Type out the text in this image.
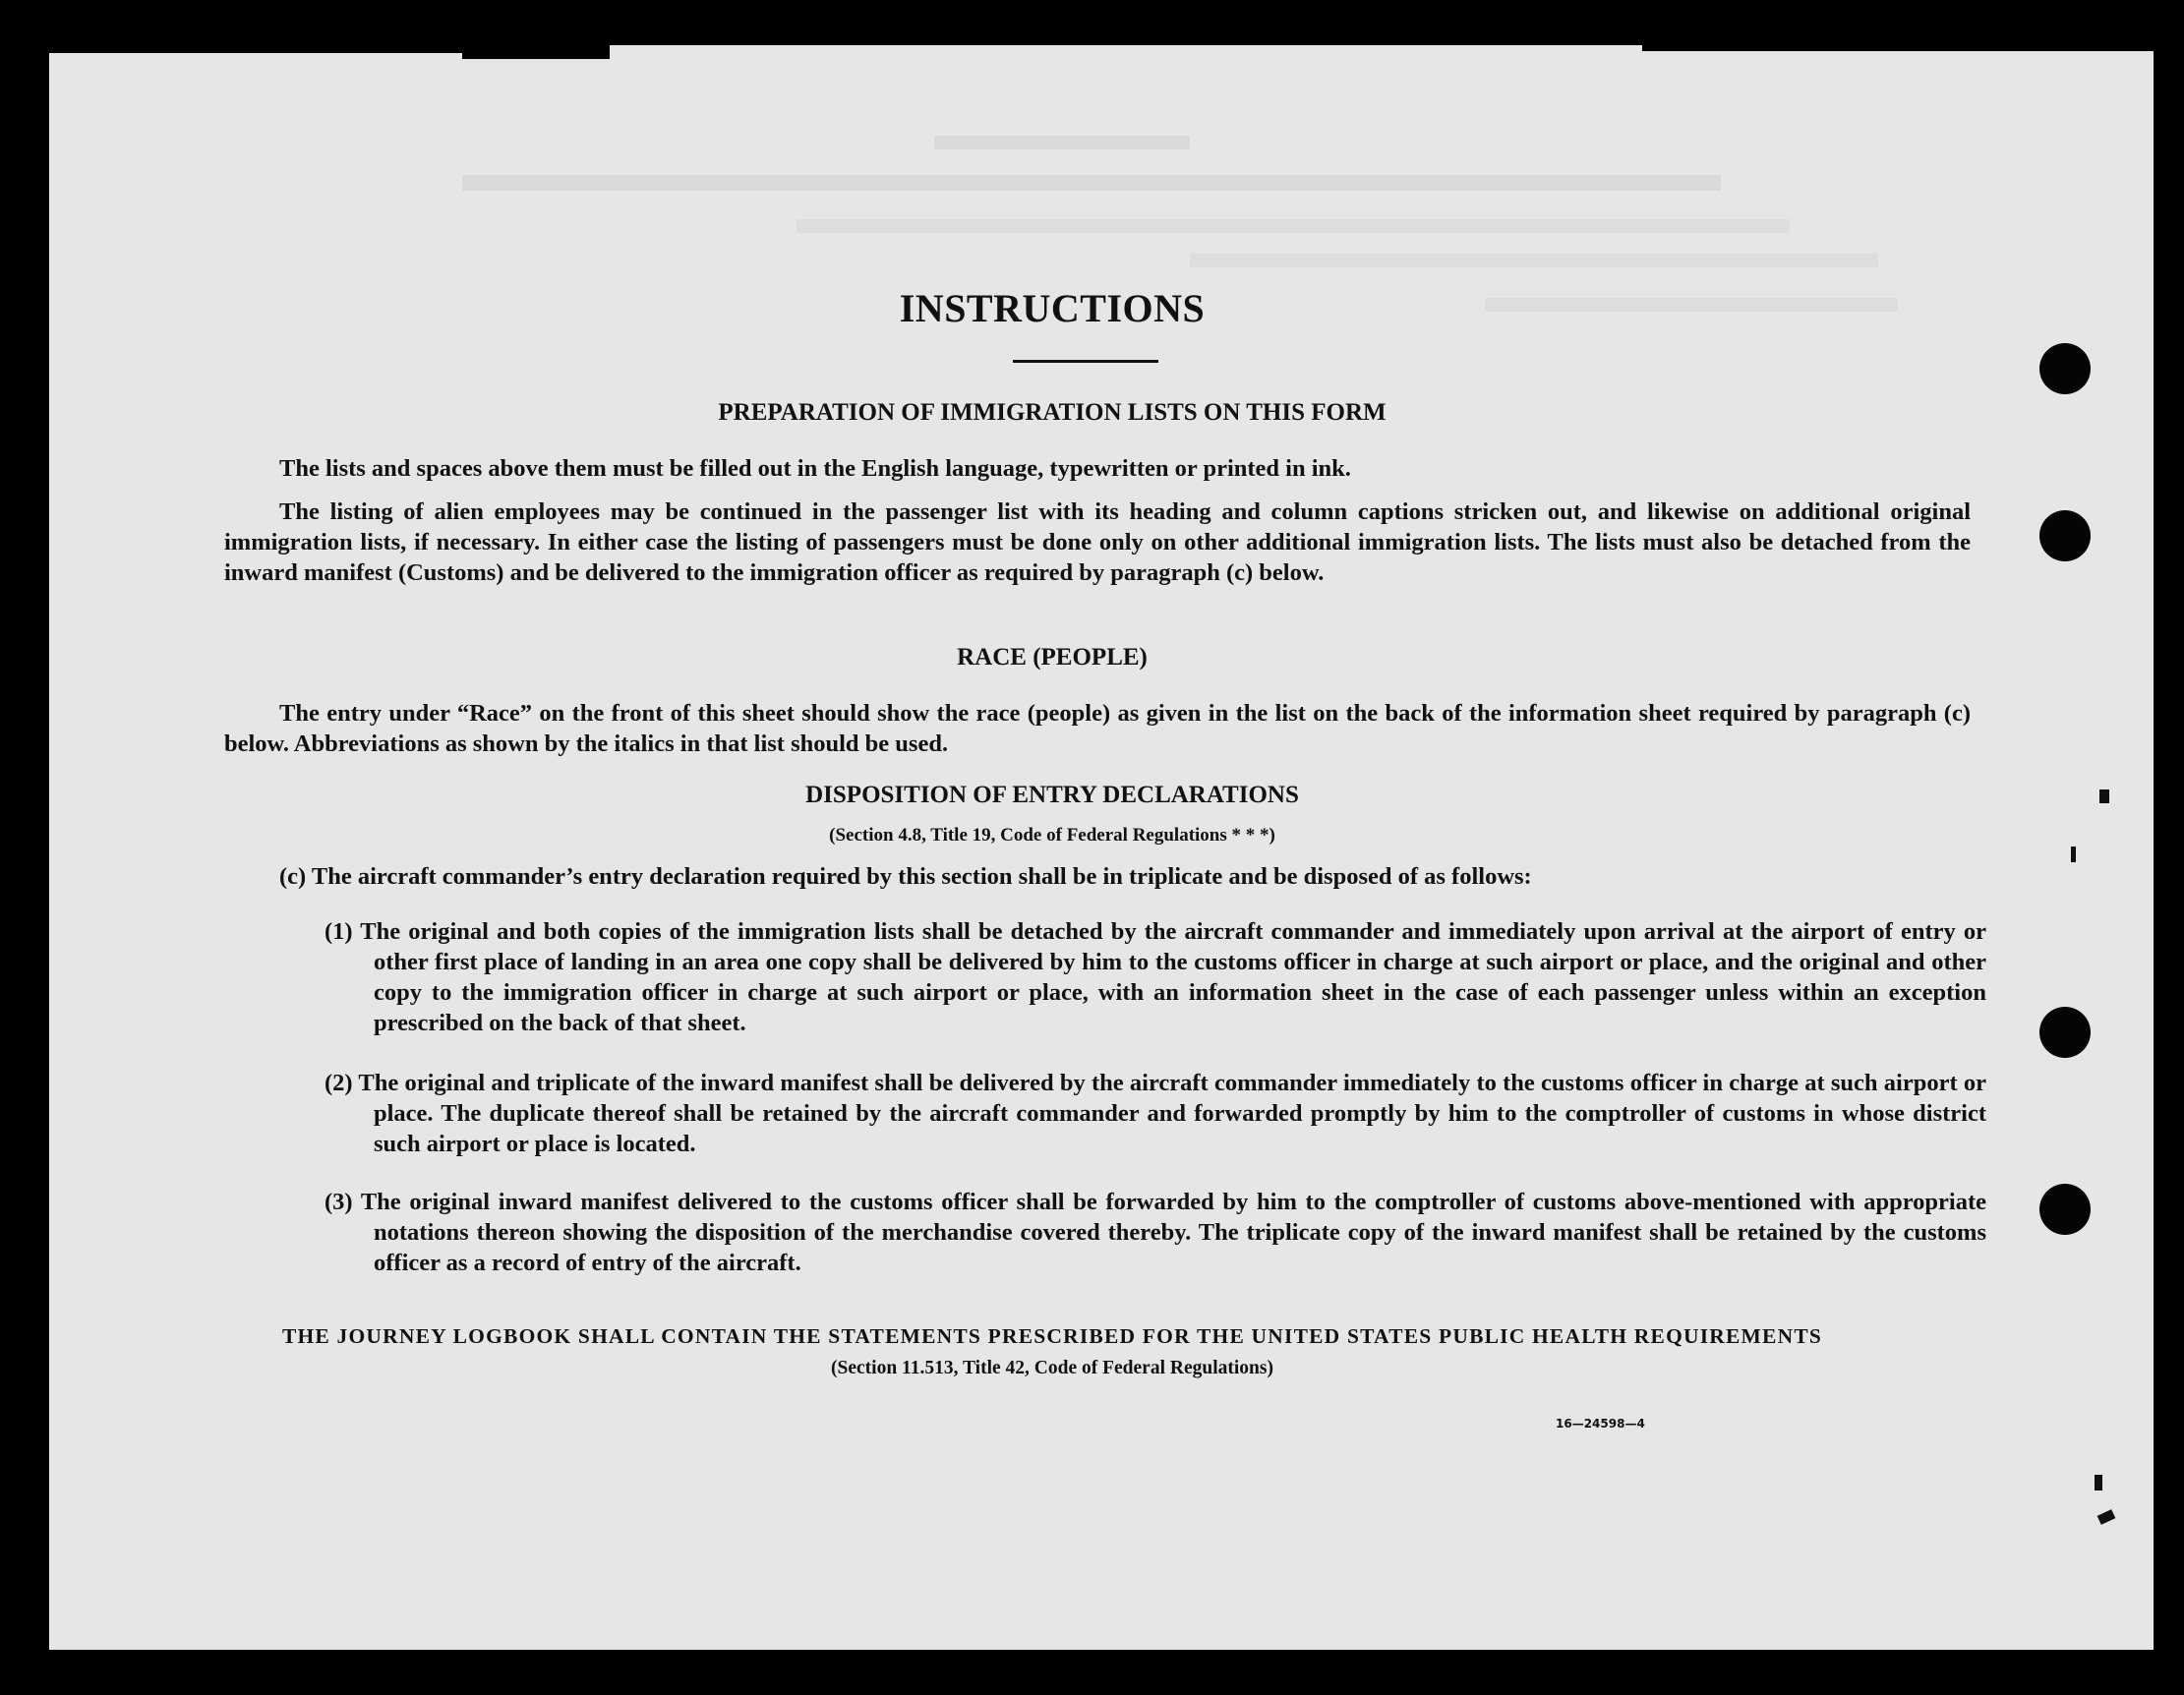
INSTRUCTIONS
PREPARATION OF IMMIGRATION LISTS ON THIS FORM
The lists and spaces above them must be filled out in the English language, typewritten or printed in ink.
The listing of alien employees may be continued in the passenger list with its heading and column captions stricken out, and likewise on additional original immigration lists, if necessary. In either case the listing of passengers must be done only on other additional immigration lists. The lists must also be detached from the inward manifest (Customs) and be delivered to the immigration officer as required by paragraph (c) below.
RACE (PEOPLE)
The entry under “Race” on the front of this sheet should show the race (people) as given in the list on the back of the information sheet required by paragraph (c) below. Abbreviations as shown by the italics in that list should be used.
DISPOSITION OF ENTRY DECLARATIONS
(Section 4.8, Title 19, Code of Federal Regulations * * *)
(c) The aircraft commander’s entry declaration required by this section shall be in triplicate and be disposed of as follows:
(1) The original and both copies of the immigration lists shall be detached by the aircraft commander and immediately upon arrival at the airport of entry or other first place of landing in an area one copy shall be delivered by him to the customs officer in charge at such airport or place, and the original and other copy to the immigration officer in charge at such airport or place, with an information sheet in the case of each passenger unless within an exception prescribed on the back of that sheet.
(2) The original and triplicate of the inward manifest shall be delivered by the aircraft commander immediately to the customs officer in charge at such airport or place. The duplicate thereof shall be retained by the aircraft commander and forwarded promptly by him to the comptroller of customs in whose district such airport or place is located.
(3) The original inward manifest delivered to the customs officer shall be forwarded by him to the comptroller of customs above-mentioned with appropriate notations thereon showing the disposition of the merchandise covered thereby. The triplicate copy of the inward manifest shall be retained by the customs officer as a record of entry of the aircraft.
THE JOURNEY LOGBOOK SHALL CONTAIN THE STATEMENTS PRESCRIBED FOR THE UNITED STATES PUBLIC HEALTH REQUIREMENTS
(Section 11.513, Title 42, Code of Federal Regulations)
16—24598—4
